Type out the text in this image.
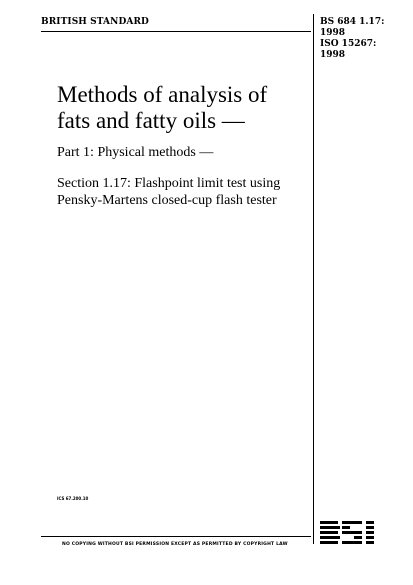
BRITISH STANDARD	BS 684 1.17:
1998
ISO 15267:
1998
Methods of analysis of
fats and fatty oils —

Part 1: Physical methods —

Section 1.17: Flashpoint limit test using
Pensky-Martens closed-cup flash tester

ICS 67.200.10
NO COPYING WITHOUT BSI PERMISSION EXCEPT AS PERMITTED BY COPYRIGHT LAW
